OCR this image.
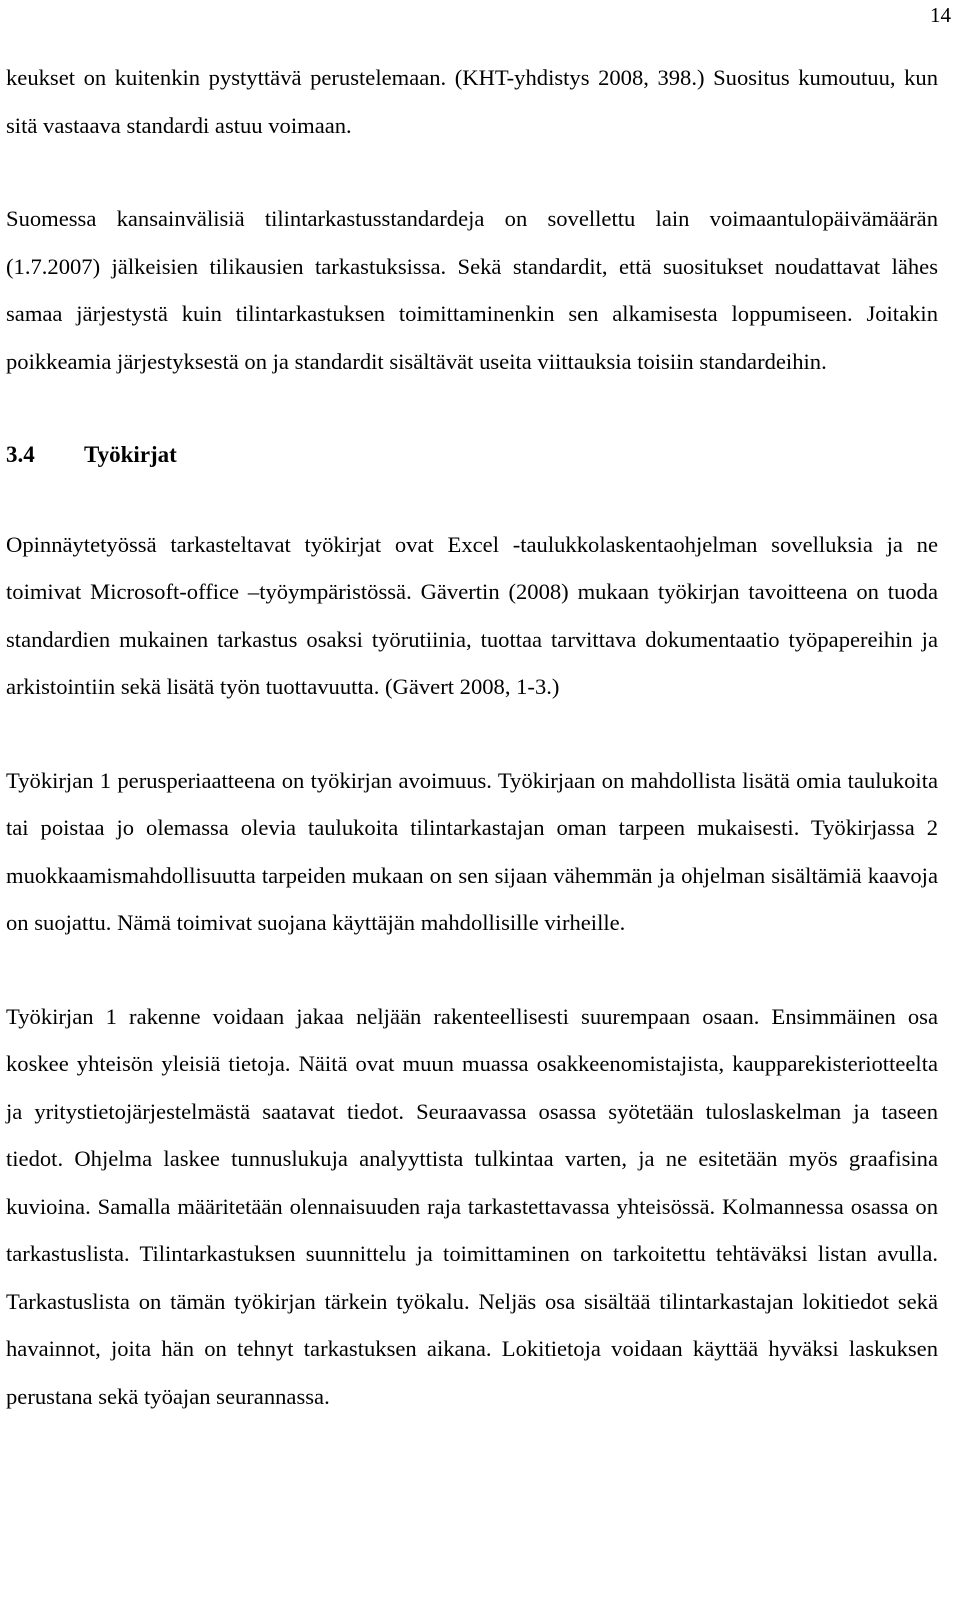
14

keukset on kuitenkin pystyttävä perustelemaan. (KHT-yhdistys 2008, 398.) Suositus kumoutuu, kun sitä vastaava standardi astuu voimaan.

Suomessa kansainvälisiä tilintarkastusstandardeja on sovellettu lain voimaantulopäivämäärän (1.7.2007) jälkeisien tilikausien tarkastuksissa. Sekä standardit, että suositukset noudattavat lähes samaa järjestystä kuin tilintarkastuksen toimittaminenkin sen alkamisesta loppumiseen. Joitakin poikkeamia järjestyksestä on ja standardit sisältävät useita viittauksia toisiin standardeihin.

3.4	Työkirjat

Opinnäytetyössä tarkasteltavat työkirjat ovat Excel -taulukkolaskentaohjelman sovelluksia ja ne toimivat Microsoft-office –työympäristössä. Gävertin (2008) mukaan työkirjan tavoitteena on tuoda standardien mukainen tarkastus osaksi työrutiinia, tuottaa tarvittava dokumentaatio työpapereihin ja arkistointiin sekä lisätä työn tuottavuutta. (Gävert 2008, 1-3.)

Työkirjan 1 perusperiaatteena on työkirjan avoimuus. Työkirjaan on mahdollista lisätä omia taulukoita tai poistaa jo olemassa olevia taulukoita tilintarkastajan oman tarpeen mukaisesti. Työkirjassa 2 muokkaamismahdollisuutta tarpeiden mukaan on sen sijaan vähemmän ja ohjelman sisältämiä kaavoja on suojattu. Nämä toimivat suojana käyttäjän mahdollisille virheille.

Työkirjan 1 rakenne voidaan jakaa neljään rakenteellisesti suurempaan osaan. Ensimmäinen osa koskee yhteisön yleisiä tietoja. Näitä ovat muun muassa osakkeenomistajista, kaupparekisteriotteelta ja yritystietojärjestelmästä saatavat tiedot. Seuraavassa osassa syötetään tuloslaskelman ja taseen tiedot. Ohjelma laskee tunnuslukuja analyyttista tulkintaa varten, ja ne esitetään myös graafisina kuvioina. Samalla määritetään olennaisuuden raja tarkastettavassa yhteisössä. Kolmannessa osassa on tarkastuslista. Tilintarkastuksen suunnittelu ja toimittaminen on tarkoitettu tehtäväksi listan avulla. Tarkastuslista on tämän työkirjan tärkein työkalu. Neljäs osa sisältää tilintarkastajan lokitiedot sekä havainnot, joita hän on tehnyt tarkastuksen aikana. Lokitietoja voidaan käyttää hyväksi laskuksen perustana sekä työajan seurannassa.
